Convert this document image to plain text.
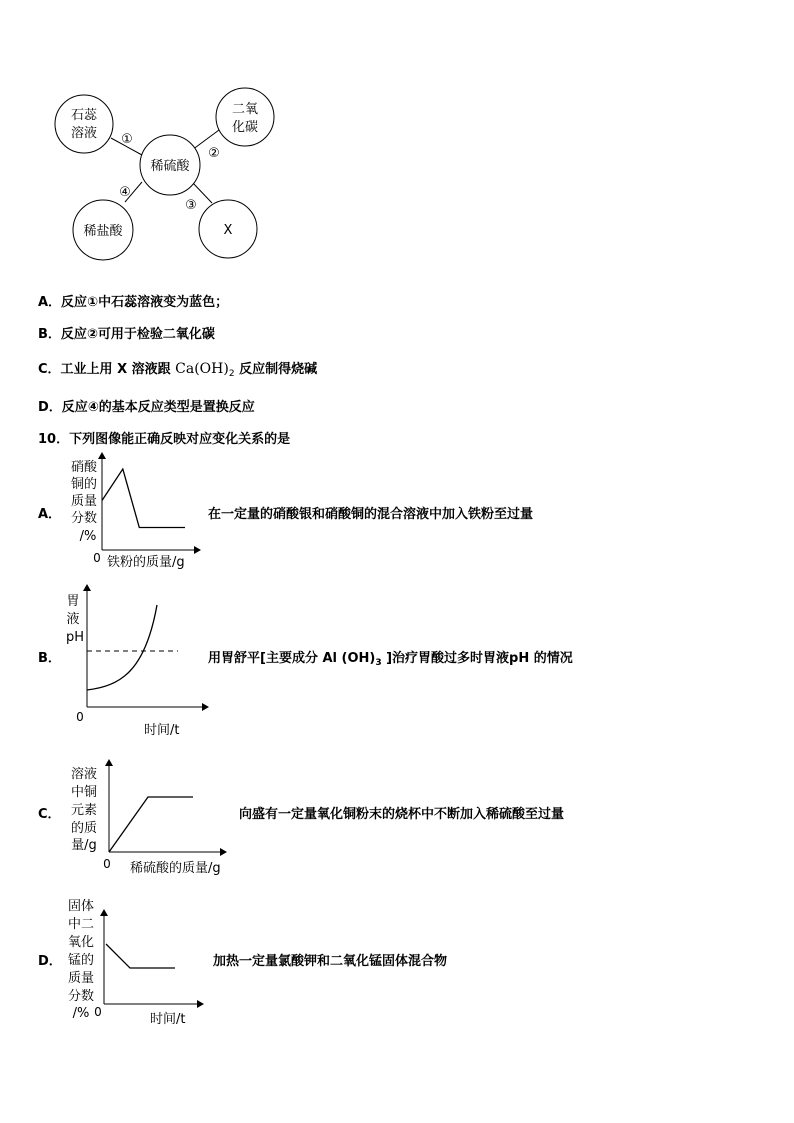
石蕊
溶液
二氧
化碳
稀硫酸
稀盐酸	X
①
②
③
④
A．反应①中石蕊溶液变为蓝色；
B．反应②可用于检验二氧化碳
C．工业上用 X 溶液跟 $Ca(OH)_2$ 反应制得烧碱
D．反应④的基本反应类型是置换反应
10．下列图像能正确反映对应变化关系的是
硝酸
铜的
质量
分数
/%
0 铁粉的质量/g
A．	在一定量的硝酸银和硝酸铜的混合溶液中加入铁粉至过量
胃
液
pH
0
时间/t
B．	用胃舒平[主要成分 Al $(OH)_3$ ]治疗胃酸过多时胃液pH 的情况
溶液
中铜
元素
的质
量/g
0 稀硫酸的质量/g
C．	向盛有一定量氧化铜粉末的烧杯中不断加入稀硫酸至过量
固体
中二
氧化
锰的
质量
分数
/% 0	时间/t
D．	加热一定量氯酸钾和二氧化锰固体混合物
